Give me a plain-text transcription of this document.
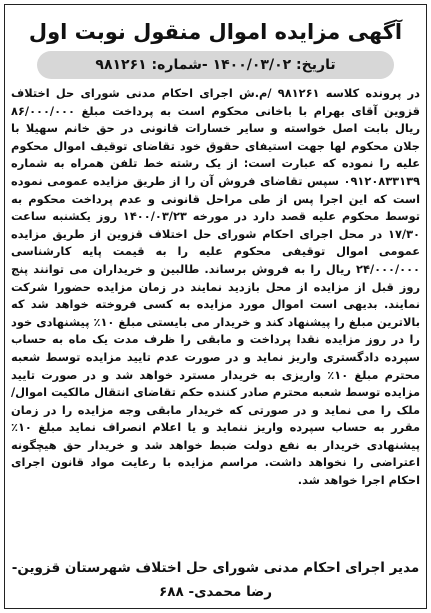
آگهی مزایده اموال منقول نوبت اول
تاریخ: ۱۴۰۰/۰۳/۰۲ -شماره: ۹۸۱۲۶۱
در پرونده کلاسه ۹۸۱۲۶۱ /م.ش اجرای احکام مدنی شورای حل اختلاف قزوین آقای بهرام با باخانی محکوم است به پرداخت مبلغ ۸۶/۰۰۰/۰۰۰ ریال بابت اصل خواسته و سایر خسارات قانونی در حق خانم سهیلا با جلان محکوم لها جهت استیفای حقوق خود تقاضای توقیف اموال محکوم علیه را نموده که عبارت است: از یک رشته خط تلفن همراه به شماره ۰۹۱۲۰۸۳۳۱۳۹ سپس تقاضای فروش آن را از طریق مزایده عمومی نموده است که این اجرا پس از طی مراحل قانونی و عدم پرداخت محکوم به توسط محکوم علیه قصد دارد در مورخه ۱۴۰۰/۰۳/۲۳ روز یکشنبه ساعت ۱۷/۳۰ در محل اجرای احکام شورای حل اختلاف قزوین از طریق مزایده عمومی اموال توقیفی محکوم علیه را به قیمت پایه کارشناسی ۲۴/۰۰۰/۰۰۰ ریال را به فروش برساند. طالبین و خریداران می توانند پنج روز قبل از مزایده از محل بازدید نمایند در زمان مزایده حضورا شرکت نمایند. بدیهی است اموال مورد مزایده به کسی فروخته خواهد شد که بالاترین مبلغ را پیشنهاد کند و خریدار می بایستی مبلغ ۱۰٪ پیشنهادی خود را در روز مزایده نقدا پرداخت و مابقی را ظرف مدت یک ماه به حساب سپرده دادگستری واریز نماید و در صورت عدم تایید مزایده توسط شعبه محترم مبلغ ۱۰٪ واریزی به خریدار مسترد خواهد شد و در صورت تایید مزایده توسط شعبه محترم صادر کننده حکم تقاضای انتقال مالکیت اموال/ ملک را می نماید و در صورتی که خریدار مابقی وجه مزایده را در زمان مقرر به حساب سپرده واریز ننماید و یا اعلام انصراف نماید مبلغ ۱۰٪ پیشنهادی خریدار به نفع دولت ضبط خواهد شد و خریدار حق هیچگونه اعتراضی را نخواهد داشت. مراسم مزایده با رعایت مواد قانون اجرای احکام اجرا خواهد شد.
مدیر اجرای احکام مدنی شورای حل اختلاف شهرستان قزوین- رضا محمدی- ۶۸۸
